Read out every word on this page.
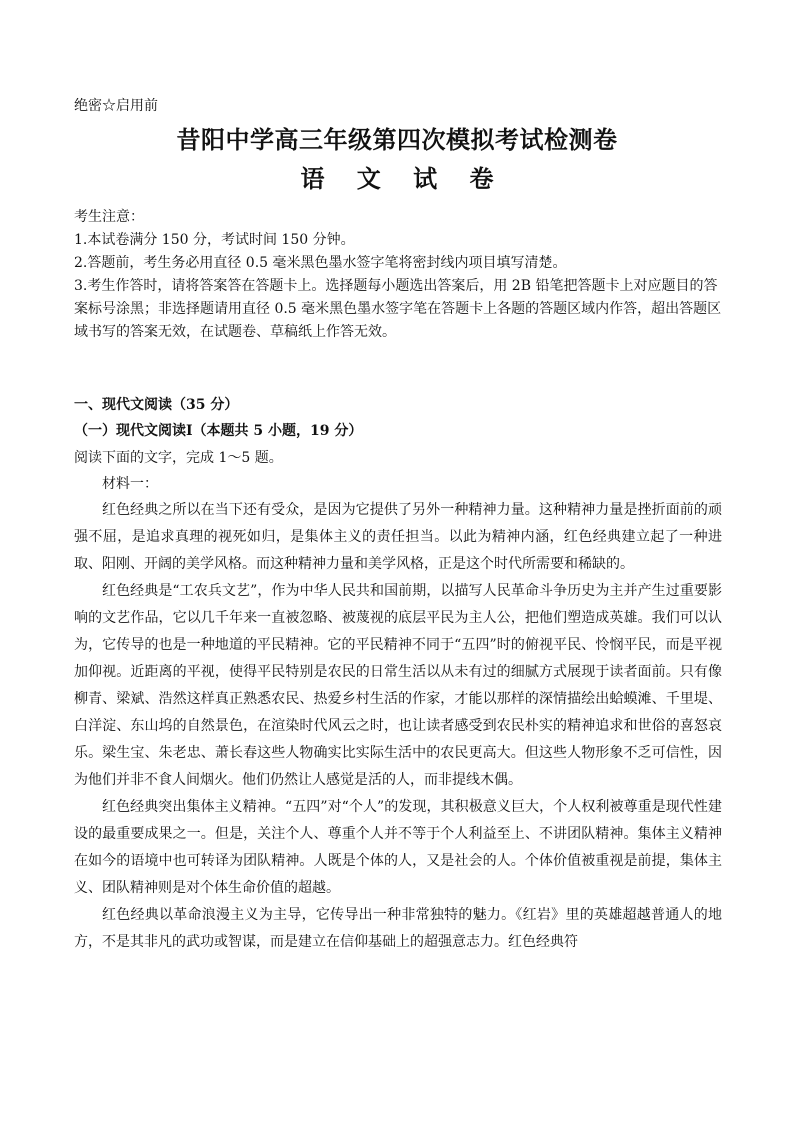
绝密☆启用前
昔阳中学高三年级第四次模拟考试检测卷
语 文 试 卷

考生注意：

1.本试卷满分 150 分，考试时间 150 分钟。

2.答题前，考生务必用直径 0.5 毫米黑色墨水签字笔将密封线内项目填写清楚。

3.考生作答时，请将答案答在答题卡上。选择题每小题选出答案后，用 2B 铅笔把答题卡上对应题目的答案标号涂黑；非选择题请用直径 0.5 毫米黑色墨水签字笔在答题卡上各题的答题区域内作答，超出答题区域书写的答案无效，在试题卷、草稿纸上作答无效。

一、现代文阅读（35 分）
（一）现代文阅读Ⅰ（本题共 5 小题，19 分）
阅读下面的文字，完成 1～5 题。
材料一：

红色经典之所以在当下还有受众，是因为它提供了另外一种精神力量。这种精神力量是挫折面前的顽强不屈，是追求真理的视死如归，是集体主义的责任担当。以此为精神内涵，红色经典建立起了一种进取、阳刚、开阔的美学风格。而这种精神力量和美学风格，正是这个时代所需要和稀缺的。

红色经典是“工农兵文艺”，作为中华人民共和国前期，以描写人民革命斗争历史为主并产生过重要影响的文艺作品，它以几千年来一直被忽略、被蔑视的底层平民为主人公，把他们塑造成英雄。我们可以认为，它传导的也是一种地道的平民精神。它的平民精神不同于“五四”时的俯视平民、怜悯平民，而是平视加仰视。近距离的平视，使得平民特别是农民的日常生活以从未有过的细腻方式展现于读者面前。只有像柳青、梁斌、浩然这样真正熟悉农民、热爱乡村生活的作家，才能以那样的深情描绘出蛤蟆滩、千里堤、白洋淀、东山坞的自然景色，在渲染时代风云之时，也让读者感受到农民朴实的精神追求和世俗的喜怒哀乐。梁生宝、朱老忠、萧长春这些人物确实比实际生活中的农民更高大。但这些人物形象不乏可信性，因为他们并非不食人间烟火。他们仍然让人感觉是活的人，而非提线木偶。

红色经典突出集体主义精神。“五四”对“个人”的发现，其积极意义巨大，个人权利被尊重是现代性建设的最重要成果之一。但是，关注个人、尊重个人并不等于个人利益至上、不讲团队精神。集体主义精神在如今的语境中也可转译为团队精神。人既是个体的人，又是社会的人。个体价值被重视是前提，集体主义、团队精神则是对个体生命价值的超越。

红色经典以革命浪漫主义为主导，它传导出一种非常独特的魅力。《红岩》里的英雄超越普通人的地方，不是其非凡的武功或智谋，而是建立在信仰基础上的超强意志力。红色经典符
